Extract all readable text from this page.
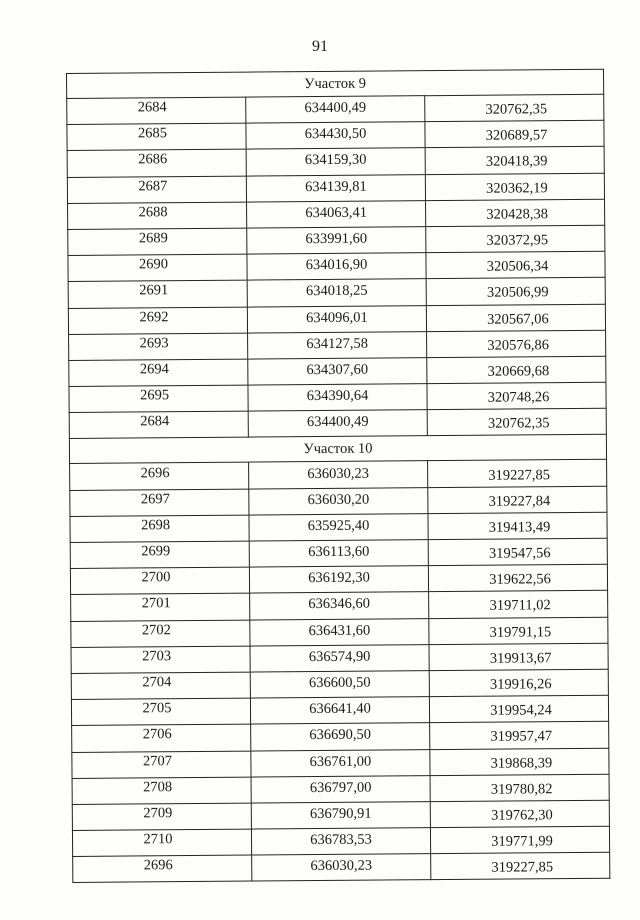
91
Участок 9		
2684	634400,49	320762,35
2685	634430,50	320689,57
2686	634159,30	320418,39
2687	634139,81	320362,19
2688	634063,41	320428,38
2689	633991,60	320372,95
2690	634016,90	320506,34
2691	634018,25	320506,99
2692	634096,01	320567,06
2693	634127,58	320576,86
2694	634307,60	320669,68
2695	634390,64	320748,26
2684	634400,49	320762,35
Участок 10		
2696	636030,23	319227,85
2697	636030,20	319227,84
2698	635925,40	319413,49
2699	636113,60	319547,56
2700	636192,30	319622,56
2701	636346,60	319711,02
2702	636431,60	319791,15
2703	636574,90	319913,67
2704	636600,50	319916,26
2705	636641,40	319954,24
2706	636690,50	319957,47
2707	636761,00	319868,39
2708	636797,00	319780,82
2709	636790,91	319762,30
2710	636783,53	319771,99
2696	636030,23	319227,85
